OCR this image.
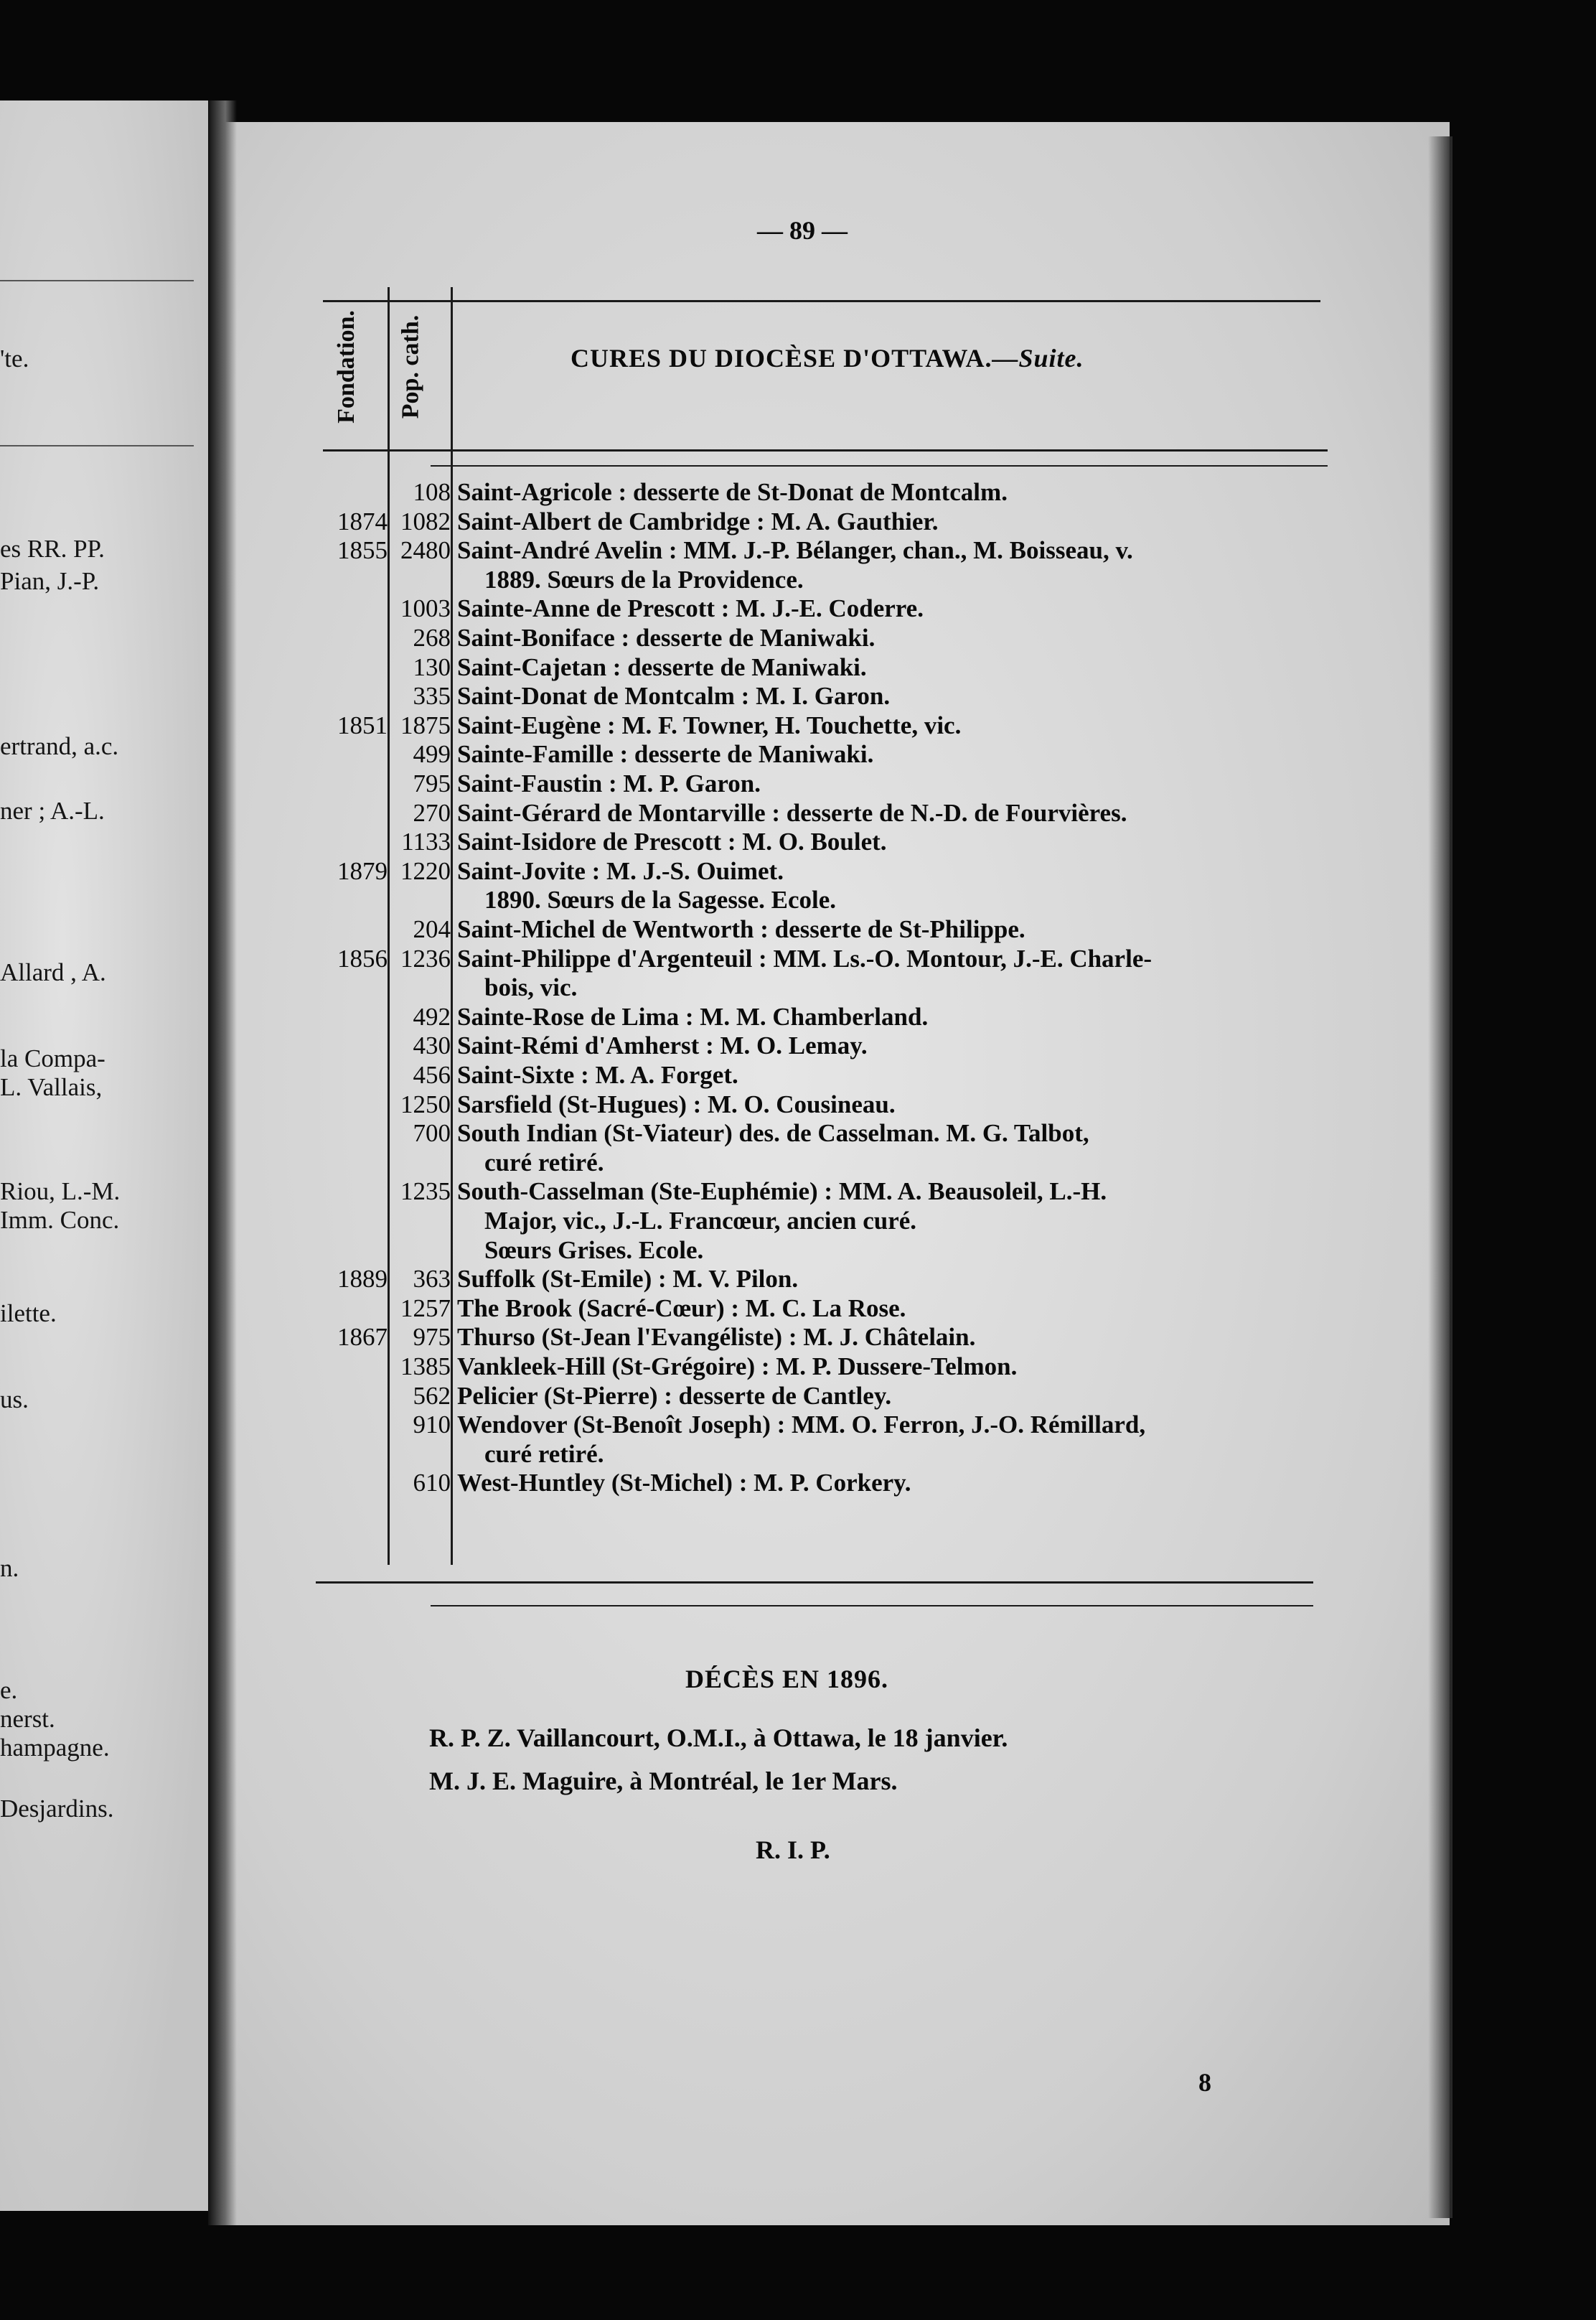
'te.
es RR. PP.
Pian, J.-P.
ertrand, a.c.
ner ; A.-L.
Allard , A.
la Compa-
L. Vallais,
Riou, L.-M.
Imm. Conc.
ilette.
us.
n.
e.
nerst.
hampagne.
Desjardins.
— 89 —
Fondation. Pop. cath.	CURES DU DIOCÈSE D'OTTAWA.—Suite.
108 Saint-Agricole : desserte de St-Donat de Montcalm.
1874 1082 Saint-Albert de Cambridge : M. A. Gauthier.
1855 2480 Saint-André Avelin : MM. J.-P. Bélanger, chan., M. Boisseau, v.
1889. Sœurs de la Providence.
1003 Sainte-Anne de Prescott : M. J.-E. Coderre.
268 Saint-Boniface : desserte de Maniwaki.
130 Saint-Cajetan : desserte de Maniwaki.
335 Saint-Donat de Montcalm : M. I. Garon.
1851 1875 Saint-Eugène : M. F. Towner, H. Touchette, vic.
499 Sainte-Famille : desserte de Maniwaki.
795 Saint-Faustin : M. P. Garon.
270 Saint-Gérard de Montarville : desserte de N.-D. de Fourvières.
1133 Saint-Isidore de Prescott : M. O. Boulet.
1879 1220 Saint-Jovite : M. J.-S. Ouimet.
1890. Sœurs de la Sagesse. Ecole.
204 Saint-Michel de Wentworth : desserte de St-Philippe.
1856 1236 Saint-Philippe d'Argenteuil : MM. Ls.-O. Montour, J.-E. Charle-
bois, vic.
492 Sainte-Rose de Lima : M. M. Chamberland.
430 Saint-Rémi d'Amherst : M. O. Lemay.
456 Saint-Sixte : M. A. Forget.
1250 Sarsfield (St-Hugues) : M. O. Cousineau.
700 South Indian (St-Viateur) des. de Casselman. M. G. Talbot,
curé retiré.
1235 South-Casselman (Ste-Euphémie) : MM. A. Beausoleil, L.-H.
Major, vic., J.-L. Francœur, ancien curé.
Sœurs Grises. Ecole.
1889 363 Suffolk (St-Emile) : M. V. Pilon.
1257 The Brook (Sacré-Cœur) : M. C. La Rose.
1867 975 Thurso (St-Jean l'Evangéliste) : M. J. Châtelain.
1385 Vankleek-Hill (St-Grégoire) : M. P. Dussere-Telmon.
562 Pelicier (St-Pierre) : desserte de Cantley.
910 Wendover (St-Benoît Joseph) : MM. O. Ferron, J.-O. Rémillard,
curé retiré.
610 West-Huntley (St-Michel) : M. P. Corkery.
DÉCÈS EN 1896.
R. P. Z. Vaillancourt, O.M.I., à Ottawa, le 18 janvier.
M. J. E. Maguire, à Montréal, le 1er Mars.
R. I. P.
8
